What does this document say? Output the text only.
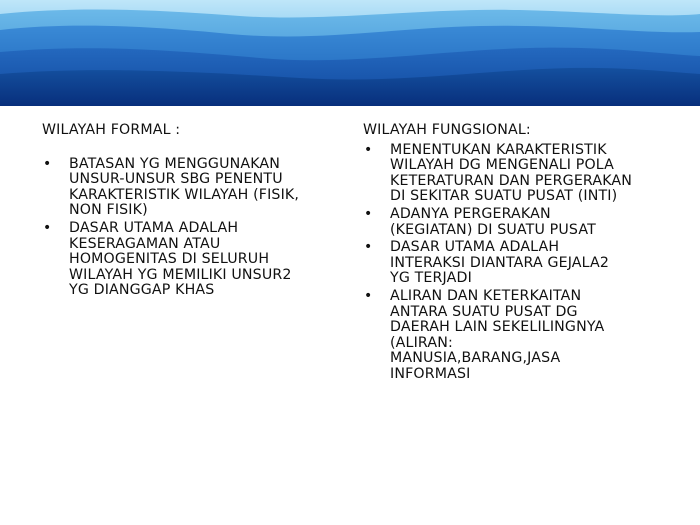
WILAYAH FORMAL :
• BATASAN YG MENGGUNAKAN
UNSUR-UNSUR SBG PENENTU
KARAKTERISTIK WILAYAH (FISIK,
NON FISIK)
• DASAR UTAMA ADALAH
KESERAGAMAN ATAU
HOMOGENITAS DI SELURUH
WILAYAH YG MEMILIKI UNSUR2
YG DIANGGAP KHAS
WILAYAH FUNGSIONAL:
• MENENTUKAN KARAKTERISTIK
WILAYAH DG MENGENALI POLA
KETERATURAN DAN PERGERAKAN
DI SEKITAR SUATU PUSAT (INTI)
• ADANYA PERGERAKAN
(KEGIATAN) DI SUATU PUSAT
• DASAR UTAMA ADALAH
INTERAKSI DIANTARA GEJALA2
YG TERJADI
• ALIRAN DAN KETERKAITAN
ANTARA SUATU PUSAT DG
DAERAH LAIN SEKELILINGNYA
(ALIRAN:
MANUSIA,BARANG,JASA
INFORMASI
